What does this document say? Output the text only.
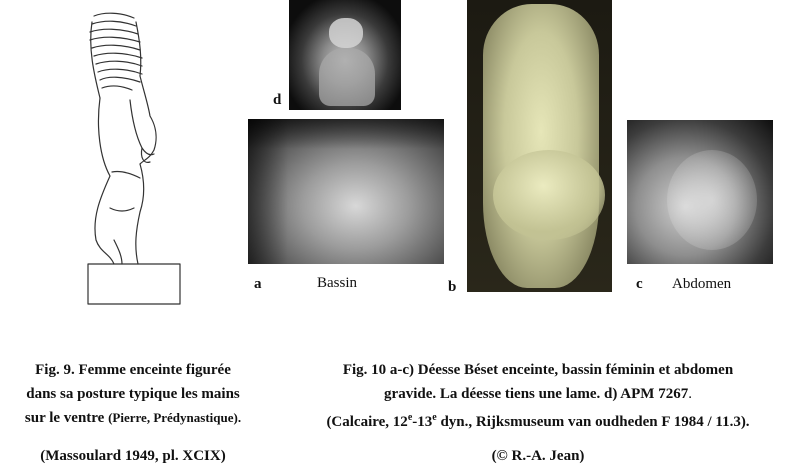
d
a	b	c
Bassin	Abdomen
Fig. 9. Femme enceinte figurée
dans sa posture typique les mains
sur le ventre (Pierre, Prédynastique).
(Massoulard 1949, pl. XCIX)
Fig. 10 a-c) Déesse Béset enceinte, bassin féminin et abdomen
gravide. La déesse tiens une lame. d) APM 7267.
(Calcaire, 12e-13e dyn., Rijksmuseum van oudheden F 1984 / 11.3).
(© R.-A. Jean)
